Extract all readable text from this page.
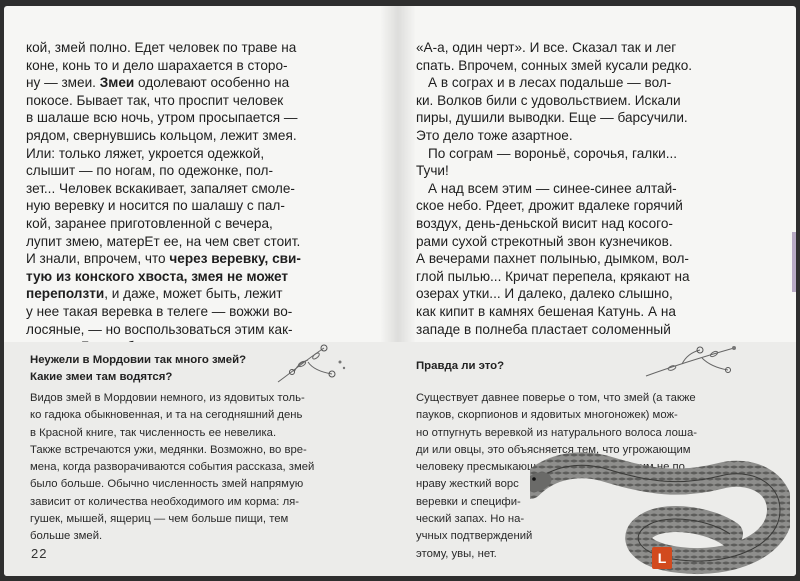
кой, змей полно. Едет человек по траве на
коне, конь то и дело шарахается в сторо-
ну — змеи. Змеи одолевают особенно на
покосе. Бывает так, что проспит человек
в шалаше всю ночь, утром просыпается —
рядом, свернувшись кольцом, лежит змея.
Или: только ляжет, укроется одежкой,
слышит — по ногам, по одежонке, пол-
зет... Человек вскакивает, запаляет смоле-
ную веревку и носится по шалашу с пал-
кой, заранее приготовленной с вечера,
лупит змею, матерЕт ее, на чем свет стоит.
И знали, впрочем, что через веревку, сви-
тую из конского хвоста, змея не может
переползти, и даже, может быть, лежит
у нее такая веревка в телеге — вожжи во-
лосяные, — но воспользоваться этим как-
Неужели в Мордовии так много змей?
Какие змеи там водятся?
Видов змей в Мордовии немного, из ядовитых толь-
ко гадюка обыкновенная, и та на сегодняшний день
в Красной книге, так численность ее невелика.
Также встречаются ужи, медянки. Возможно, во вре-
мена, когда разворачиваются события рассказа, змей
было больше. Обычно численность змей напрямую
зависит от количества необходимого им корма: ля-
гушек, мышей, ящериц — чем больше пищи, тем
больше змей.
22
«А-а, один черт». И все. Сказал так и лег
спать. Впрочем, сонных змей кусали редко.
А в сограх и в лесах подальше — вол-
ки. Волков били с удовольствием. Искали
пиры, душили выводки. Еще — барсучили.
Это дело тоже азартное.
По сограм — вороньё, сорочья, галки...
Тучи!
А над всем этим — синее-синее алтай-
ское небо. Рдеет, дрожит вдалеке горячий
воздух, день-деньской висит над косого-
рами сухой стрекотный звон кузнечиков.
А вечерами пахнет полынью, дымком, вол-
глой пылью... Кричат перепела, крякают на
озерах утки... И далеко, далеко слышно,
как кипит в камнях бешеная Катунь. А на
западе в полнеба пластает соломенный
Правда ли это?
Существует давнее поверье о том, что змей (а также
пауков, скорпионов и ядовитых многоножек) мож-
но отпугнуть веревкой из натурального волоса лоша-
ди или овцы, это объясняется тем, что угрожающим
человеку пресмыкающимся и членистоногим не по
нраву жесткий ворс
веревки и специфи-
ческий запах. Но на-
учных подтверждений
этому, увы, нет.	L
